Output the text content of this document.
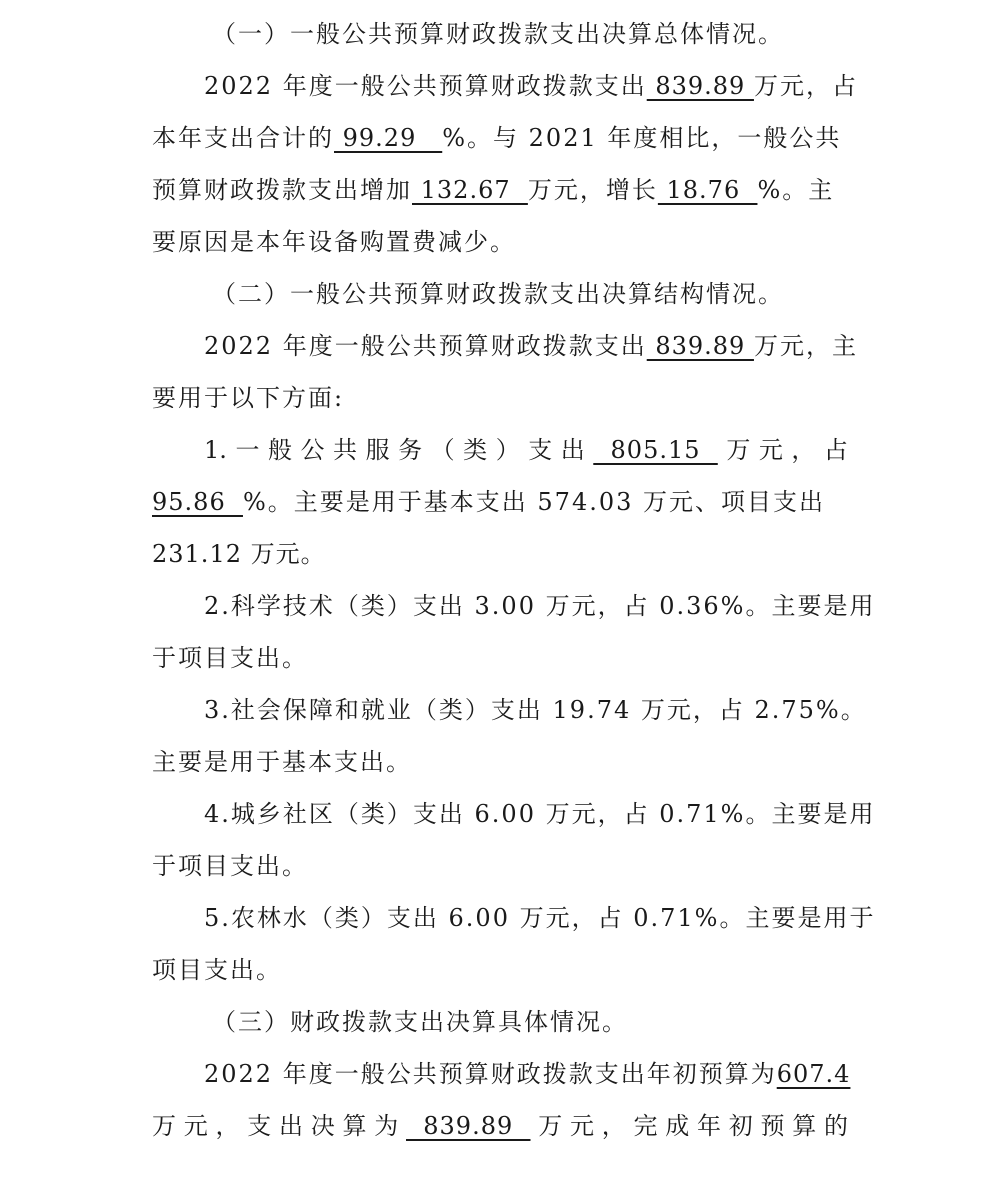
（一）一般公共预算财政拨款支出决算总体情况。
2022 年度一般公共预算财政拨款支出 839.89 万元，占
本年支出合计的 99.29   %。与 2021 年度相比，一般公共
预算财政拨款支出增加 132.67  万元，增长 18.76  %。主
要原因是本年设备购置费减少。
（二）一般公共预算财政拨款支出决算结构情况。
2022 年度一般公共预算财政拨款支出 839.89 万元，主
要用于以下方面:
1. 一 般 公 共 服 务 （ 类 ） 支 出 805.15 万 元 ， 占
95.86  %。主要是用于基本支出 574.03 万元、项目支出
231.12 万元。
2.科学技术（类）支出 3.00 万元，占 0.36%。主要是用
于项目支出。
3.社会保障和就业（类）支出 19.74 万元，占 2.75%。
主要是用于基本支出。
4.城乡社区（类）支出 6.00 万元，占 0.71%。主要是用
于项目支出。
5.农林水（类）支出 6.00 万元，占 0.71%。主要是用于
项目支出。
（三）财政拨款支出决算具体情况。
2022 年度一般公共预算财政拨款支出年初预算为607.4
万 元 ， 支 出 决 算 为 839.89 万 元 ， 完 成 年 初 预 算 的
